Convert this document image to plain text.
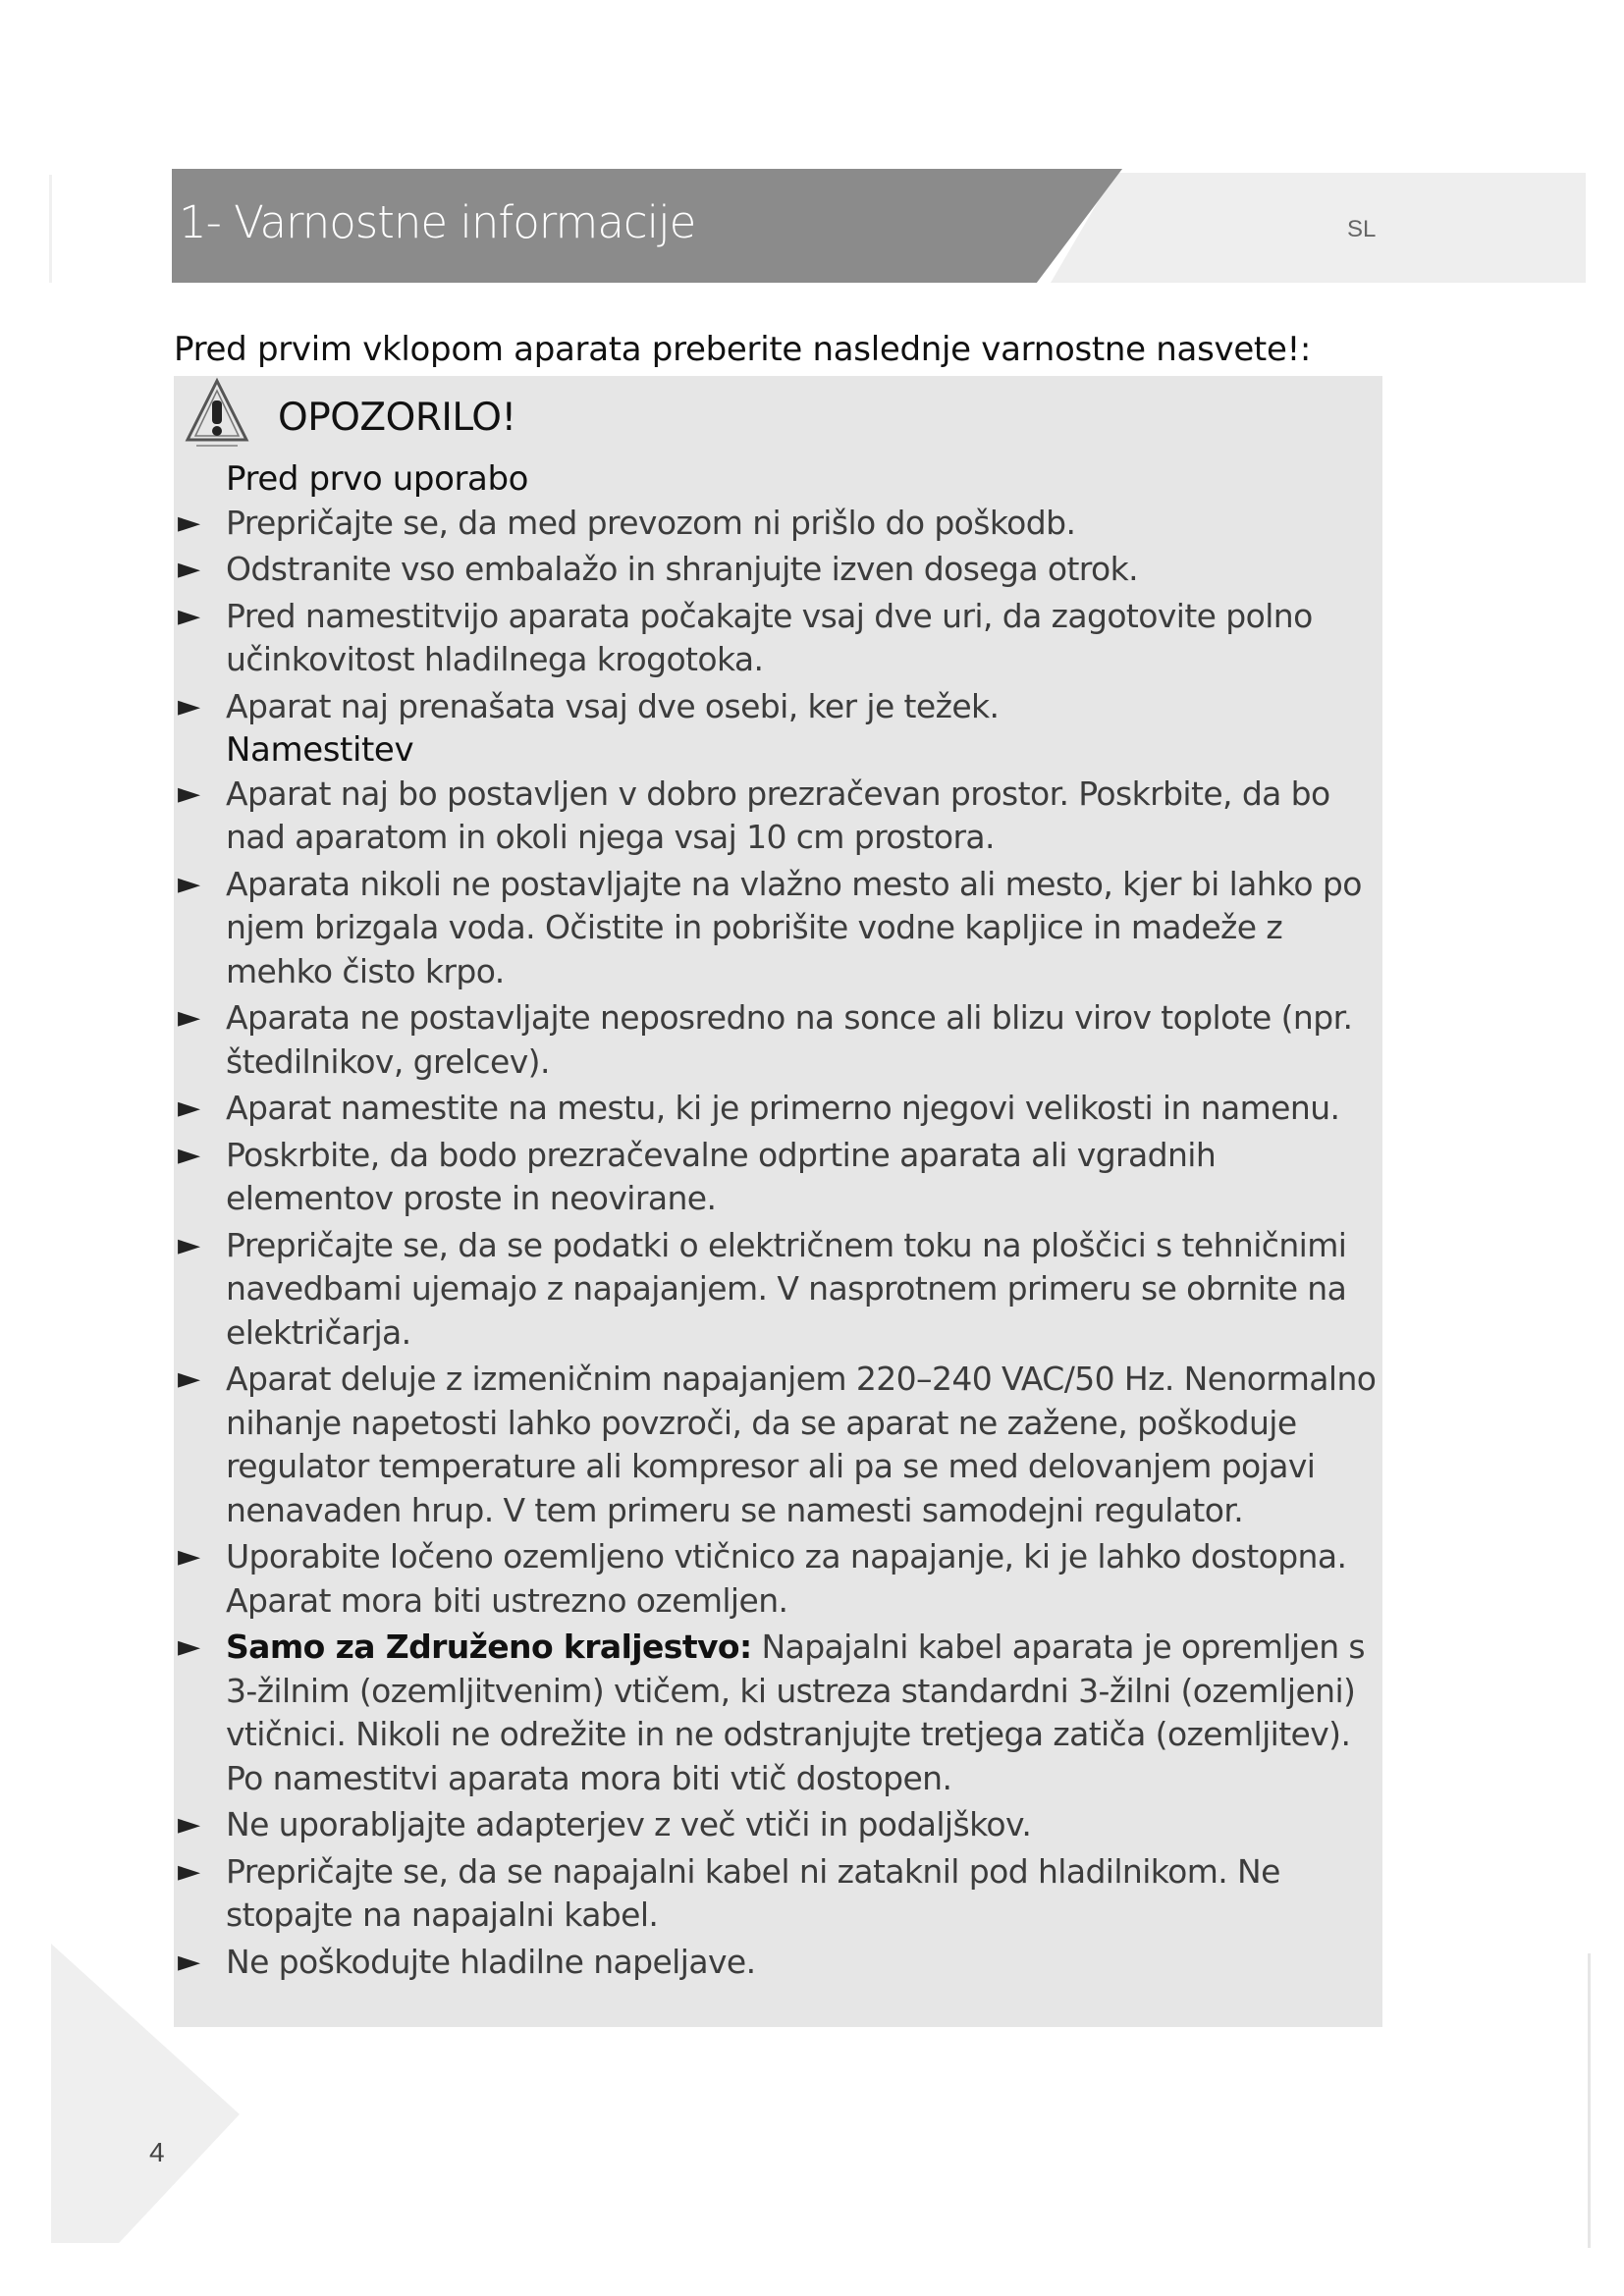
1- Varnostne informacije	SL
Pred prvim vklopom aparata preberite naslednje varnostne nasvete!:
OPOZORILO!
Pred prvo uporabo
► Prepričajte se, da med prevozom ni prišlo do poškodb.
► Odstranite vso embalažo in shranjujte izven dosega otrok.
► Pred namestitvijo aparata počakajte vsaj dve uri, da zagotovite polno učinkovitost hladilnega krogotoka.
► Aparat naj prenašata vsaj dve osebi, ker je težek.
Namestitev
► Aparat naj bo postavljen v dobro prezračevan prostor. Poskrbite, da bo nad aparatom in okoli njega vsaj 10 cm prostora.
► Aparata nikoli ne postavljajte na vlažno mesto ali mesto, kjer bi lahko po njem brizgala voda. Očistite in pobrišite vodne kapljice in madeže z mehko čisto krpo.
► Aparata ne postavljajte neposredno na sonce ali blizu virov toplote (npr. štedilnikov, grelcev).
► Aparat namestite na mestu, ki je primerno njegovi velikosti in namenu.
► Poskrbite, da bodo prezračevalne odprtine aparata ali vgradnih elementov proste in neovirane.
► Prepričajte se, da se podatki o električnem toku na ploščici s tehničnimi navedbami ujemajo z napajanjem. V nasprotnem primeru se obrnite na električarja.
► Aparat deluje z izmeničnim napajanjem 220–240 VAC/50 Hz. Nenormalno nihanje napetosti lahko povzroči, da se aparat ne zažene, poškoduje regulator temperature ali kompresor ali pa se med delovanjem pojavi nenavaden hrup. V tem primeru se namesti samodejni regulator.
► Uporabite ločeno ozemljeno vtičnico za napajanje, ki je lahko dostopna. Aparat mora biti ustrezno ozemljen.
► Samo za Združeno kraljestvo: Napajalni kabel aparata je opremljen s 3-žilnim (ozemljitvenim) vtičem, ki ustreza standardni 3-žilni (ozemljeni) vtičnici. Nikoli ne odrežite in ne odstranjujte tretjega zatiča (ozemljitev). Po namestitvi aparata mora biti vtič dostopen.
► Ne uporabljajte adapterjev z več vtiči in podaljškov.
► Prepričajte se, da se napajalni kabel ni zataknil pod hladilnikom. Ne stopajte na napajalni kabel.
► Ne poškodujte hladilne napeljave.
4
